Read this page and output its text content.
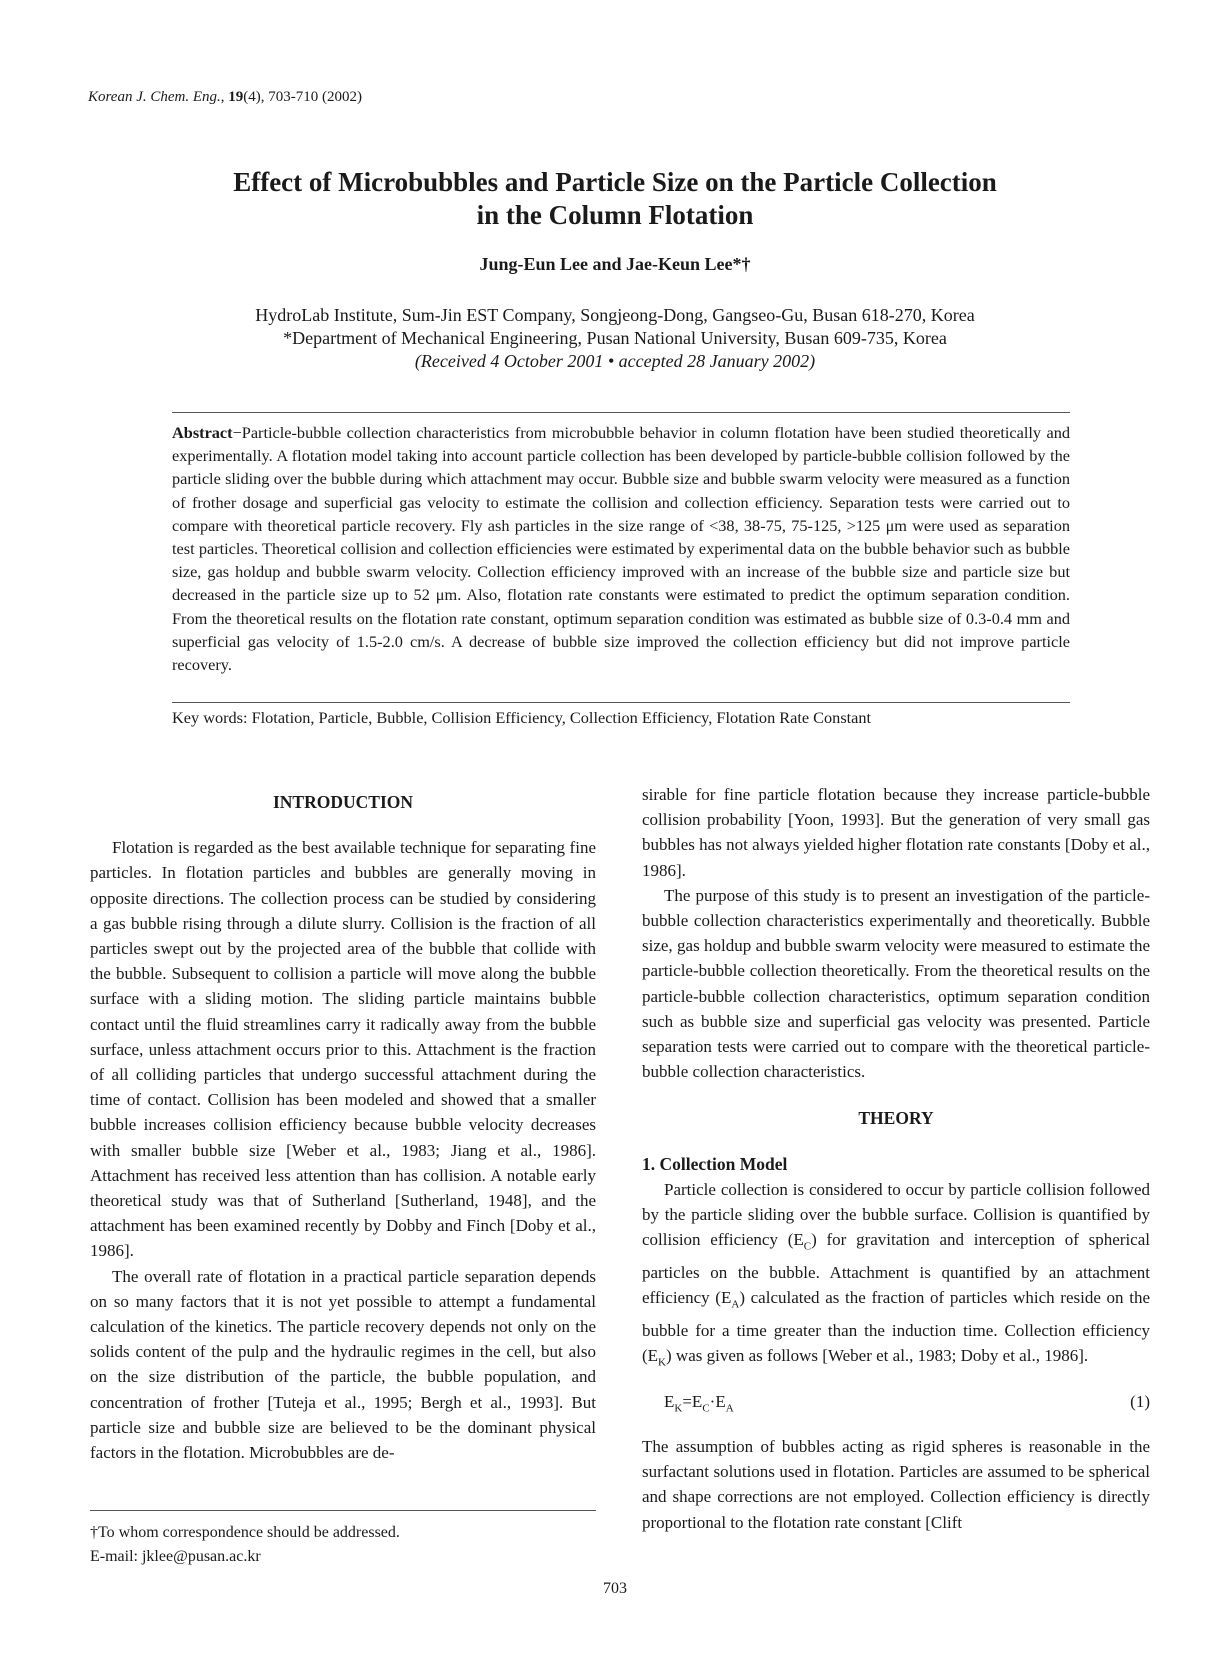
Korean J. Chem. Eng., 19(4), 703-710 (2002)
Effect of Microbubbles and Particle Size on the Particle Collection
in the Column Flotation
Jung-Eun Lee and Jae-Keun Lee*†
HydroLab Institute, Sum-Jin EST Company, Songjeong-Dong, Gangseo-Gu, Busan 618-270, Korea
*Department of Mechanical Engineering, Pusan National University, Busan 609-735, Korea
(Received 4 October 2001 • accepted 28 January 2002)
Abstract−Particle-bubble collection characteristics from microbubble behavior in column flotation have been studied theoretically and experimentally. A flotation model taking into account particle collection has been developed by particle-bubble collision followed by the particle sliding over the bubble during which attachment may occur. Bubble size and bubble swarm velocity were measured as a function of frother dosage and superficial gas velocity to estimate the collision and collection efficiency. Separation tests were carried out to compare with theoretical particle recovery. Fly ash particles in the size range of <38, 38-75, 75-125, >125 μm were used as separation test particles. Theoretical collision and collection efficiencies were estimated by experimental data on the bubble behavior such as bubble size, gas holdup and bubble swarm velocity. Collection efficiency improved with an increase of the bubble size and particle size but decreased in the particle size up to 52 μm. Also, flotation rate constants were estimated to predict the optimum separation condition. From the theoretical results on the flotation rate constant, optimum separation condition was estimated as bubble size of 0.3-0.4 mm and superficial gas velocity of 1.5-2.0 cm/s. A decrease of bubble size improved the collection efficiency but did not improve particle recovery.
Key words: Flotation, Particle, Bubble, Collision Efficiency, Collection Efficiency, Flotation Rate Constant
INTRODUCTION

Flotation is regarded as the best available technique for separating fine particles. In flotation particles and bubbles are generally moving in opposite directions. The collection process can be studied by considering a gas bubble rising through a dilute slurry. Collision is the fraction of all particles swept out by the projected area of the bubble that collide with the bubble. Subsequent to collision a particle will move along the bubble surface with a sliding motion. The sliding particle maintains bubble contact until the fluid streamlines carry it radically away from the bubble surface, unless attachment occurs prior to this. Attachment is the fraction of all colliding particles that undergo successful attachment during the time of contact. Collision has been modeled and showed that a smaller bubble increases collision efficiency because bubble velocity decreases with smaller bubble size [Weber et al., 1983; Jiang et al., 1986]. Attachment has received less attention than has collision. A notable early theoretical study was that of Sutherland [Sutherland, 1948], and the attachment has been examined recently by Dobby and Finch [Doby et al., 1986].

The overall rate of flotation in a practical particle separation depends on so many factors that it is not yet possible to attempt a fundamental calculation of the kinetics. The particle recovery depends not only on the solids content of the pulp and the hydraulic regimes in the cell, but also on the size distribution of the particle, the bubble population, and concentration of frother [Tuteja et al., 1995; Bergh et al., 1993]. But particle size and bubble size are believed to be the dominant physical factors in the flotation. Microbubbles are de-

sirable for fine particle flotation because they increase particle-bubble collision probability [Yoon, 1993]. But the generation of very small gas bubbles has not always yielded higher flotation rate constants [Doby et al., 1986].

The purpose of this study is to present an investigation of the particle-bubble collection characteristics experimentally and theoretically. Bubble size, gas holdup and bubble swarm velocity were measured to estimate the particle-bubble collection theoretically. From the theoretical results on the particle-bubble collection characteristics, optimum separation condition such as bubble size and superficial gas velocity was presented. Particle separation tests were carried out to compare with the theoretical particle-bubble collection characteristics.

THEORY
1. Collection Model

Particle collection is considered to occur by particle collision followed by the particle sliding over the bubble surface. Collision is quantified by collision efficiency $(E_C)$ for gravitation and interception of spherical particles on the bubble. Attachment is quantified by an attachment efficiency $(E_A)$ calculated as the fraction of particles which reside on the bubble for a time greater than the induction time. Collection efficiency $(E_K)$ was given as follows [Weber et al., 1983; Doby et al., 1986].

$E_K=E_C\cdot E_A$	(1)

The assumption of bubbles acting as rigid spheres is reasonable in the surfactant solutions used in flotation. Particles are assumed to be spherical and shape corrections are not employed. Collection efficiency is directly proportional to the flotation rate constant [Clift

†To whom correspondence should be addressed.
E-mail: jklee@pusan.ac.kr
703
